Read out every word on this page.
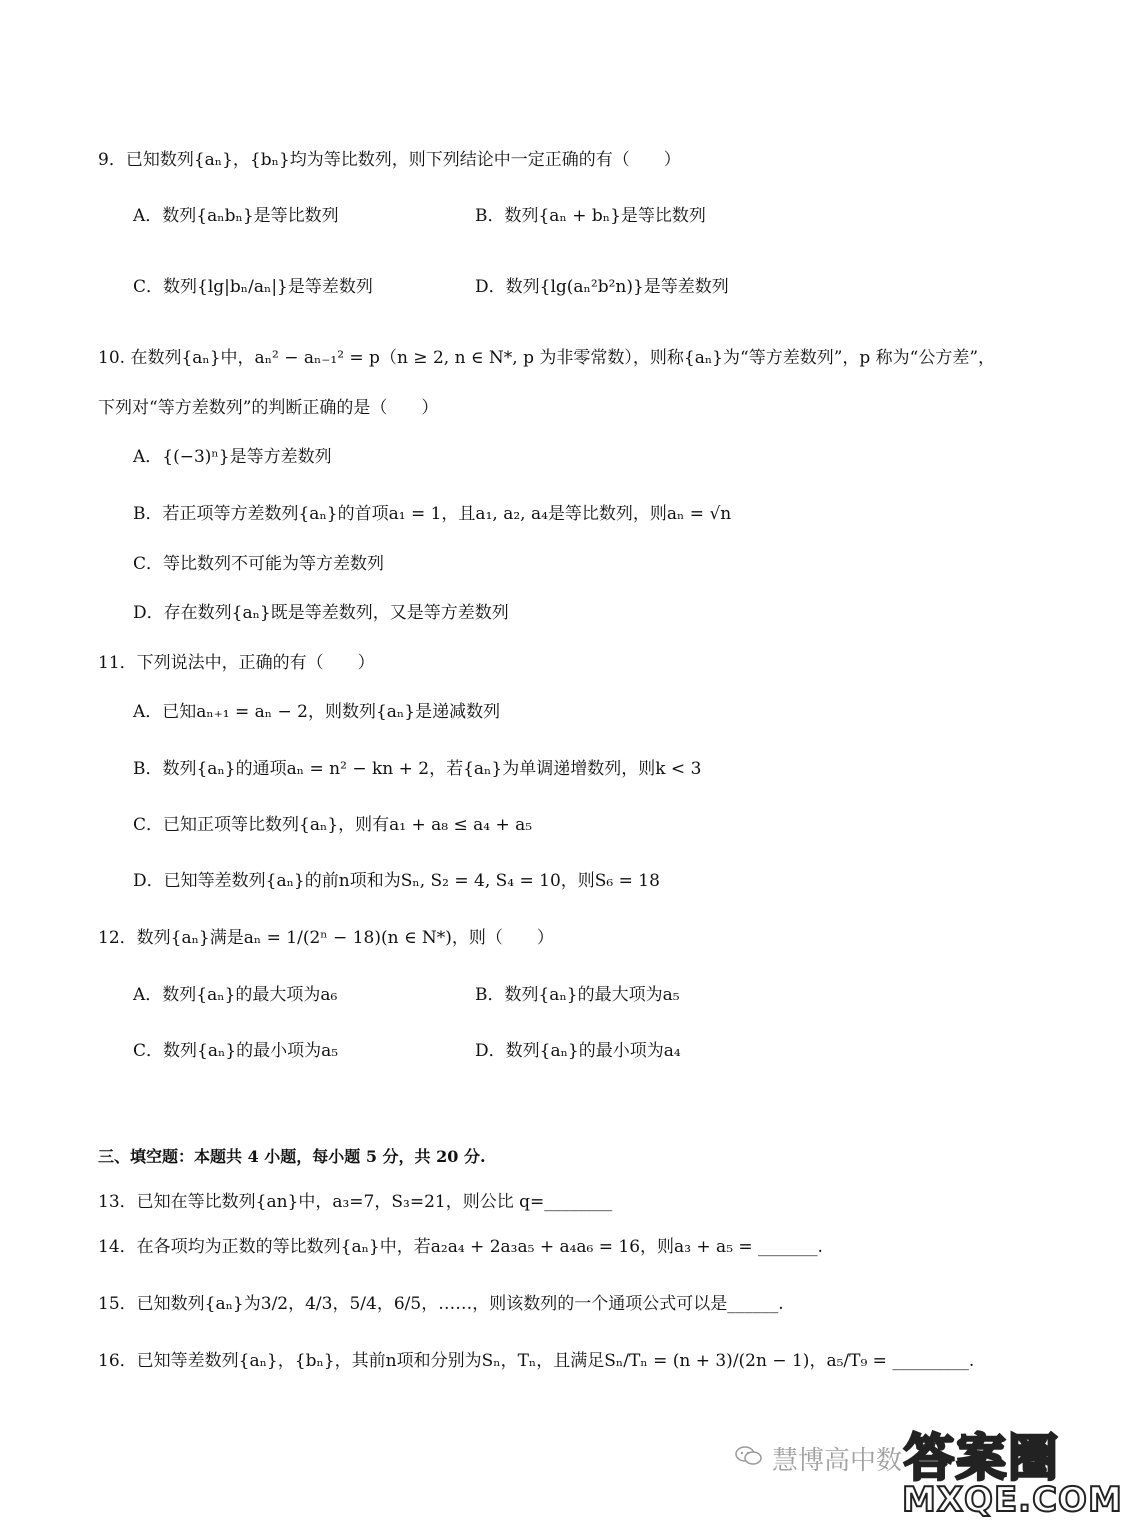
9．已知数列{aₙ}，{bₙ}均为等比数列，则下列结论中一定正确的有（　　）
A．数列{aₙbₙ}是等比数列	B．数列{aₙ + bₙ}是等比数列
C．数列{lg|bₙ/aₙ|}是等差数列	D．数列{lg(aₙ²b²n)}是等差数列
10. 在数列{aₙ}中，aₙ² − aₙ₋₁² = p（n ≥ 2, n ∈ N*, p 为非零常数），则称{aₙ}为“等方差数列”，p 称为“公方差”，
下列对“等方差数列”的判断正确的是（　　）
A．{(−3)ⁿ}是等方差数列
B．若正项等方差数列{aₙ}的首项a₁ = 1，且a₁, a₂, a₄是等比数列，则aₙ = √n
C．等比数列不可能为等方差数列
D．存在数列{aₙ}既是等差数列，又是等方差数列
11．下列说法中，正确的有（　　）
A．已知aₙ₊₁ = aₙ − 2，则数列{aₙ}是递减数列
B．数列{aₙ}的通项aₙ = n² − kn + 2，若{aₙ}为单调递增数列，则k < 3
C．已知正项等比数列{aₙ}，则有a₁ + a₈ ≤ a₄ + a₅
D．已知等差数列{aₙ}的前n项和为Sₙ, S₂ = 4, S₄ = 10，则S₆ = 18
12．数列{aₙ}满是aₙ = 1/(2ⁿ − 18)(n ∈ N*)，则（　　）
A．数列{aₙ}的最大项为a₆	B．数列{aₙ}的最大项为a₅
C．数列{aₙ}的最小项为a₅	D．数列{aₙ}的最小项为a₄
三、填空题：本题共 4 小题，每小题 5 分，共 20 分.
13．已知在等比数列{an}中，a₃=7，S₃=21，则公比 q=________
14．在各项均为正数的等比数列{aₙ}中，若a₂a₄ + 2a₃a₅ + a₄a₆ = 16，则a₃ + a₅ = _______.
15．已知数列{aₙ}为3/2，4/3，5/4，6/5，……，则该数列的一个通项公式可以是______.
16．已知等差数列{aₙ}，{bₙ}，其前n项和分别为Sₙ，Tₙ，且满足Sₙ/Tₙ = (n + 3)/(2n − 1)，a₅/T₉ = _________.
慧博高中数 答案圈
MXQE.COM
